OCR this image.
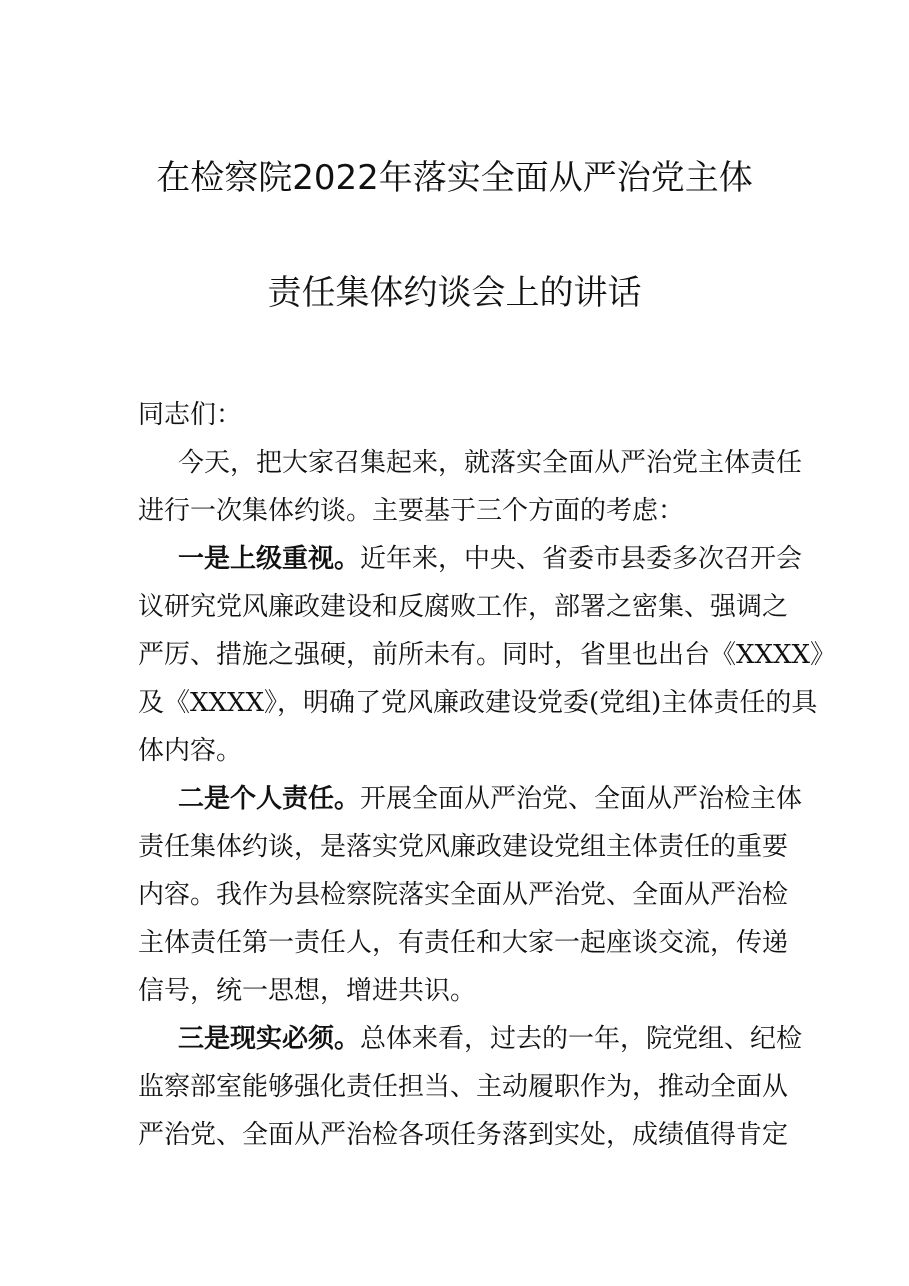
在检察院2022年落实全面从严治党主体
责任集体约谈会上的讲话
同志们：
今天，把大家召集起来，就落实全面从严治党主体责任
进行一次集体约谈。主要基于三个方面的考虑：
一是上级重视。近年来，中央、省委市县委多次召开会
议研究党风廉政建设和反腐败工作，部署之密集、强调之
严厉、措施之强硬，前所未有。同时，省里也出台《XXXX》
及《XXXX》，明确了党风廉政建设党委(党组)主体责任的具
体内容。
二是个人责任。开展全面从严治党、全面从严治检主体
责任集体约谈，是落实党风廉政建设党组主体责任的重要
内容。我作为县检察院落实全面从严治党、全面从严治检
主体责任第一责任人，有责任和大家一起座谈交流，传递
信号，统一思想，增进共识。
三是现实必须。总体来看，过去的一年，院党组、纪检
监察部室能够强化责任担当、主动履职作为，推动全面从
严治党、全面从严治检各项任务落到实处，成绩值得肯定
